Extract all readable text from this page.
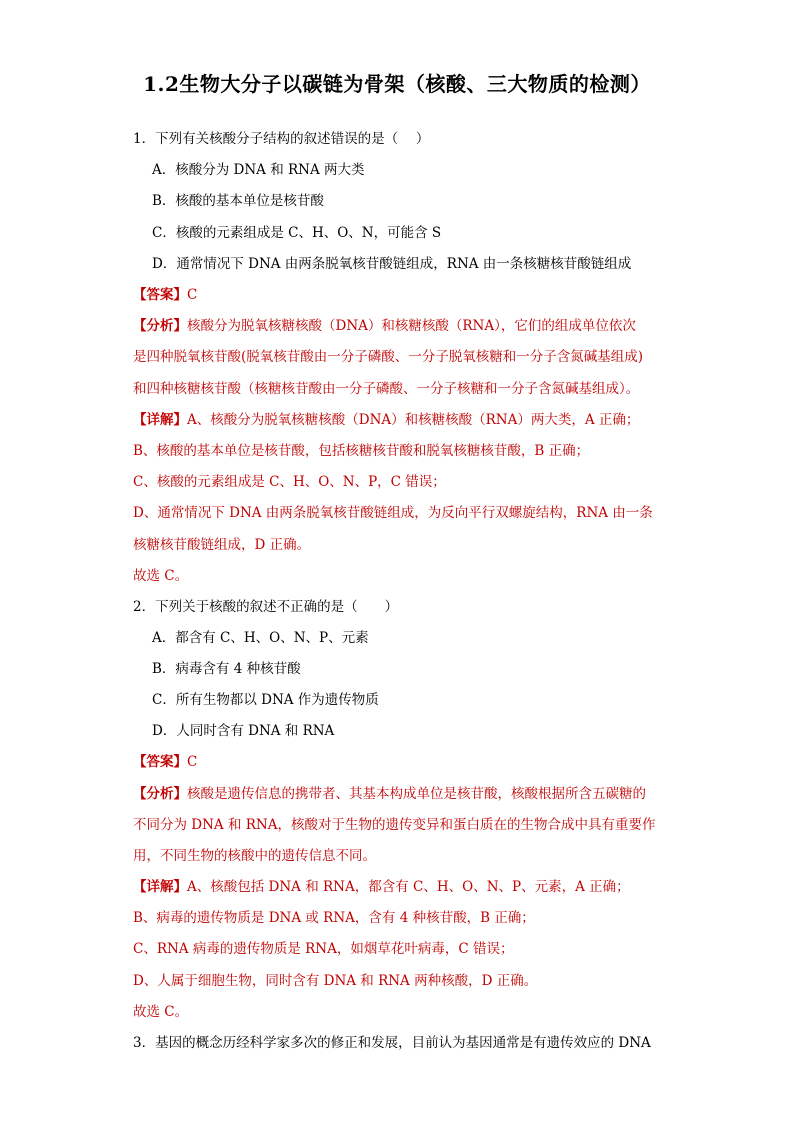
1.2生物大分子以碳链为骨架（核酸、三大物质的检测）
1．下列有关核酸分子结构的叙述错误的是（　 ）
A．核酸分为 DNA 和 RNA 两大类
B．核酸的基本单位是核苷酸
C．核酸的元素组成是 C、H、O、N，可能含 S
D．通常情况下 DNA 由两条脱氧核苷酸链组成，RNA 由一条核糖核苷酸链组成
【答案】C
【分析】核酸分为脱氧核糖核酸（DNA）和核糖核酸（RNA），它们的组成单位依次
是四种脱氧核苷酸(脱氧核苷酸由一分子磷酸、一分子脱氧核糖和一分子含氮碱基组成)
和四种核糖核苷酸（核糖核苷酸由一分子磷酸、一分子核糖和一分子含氮碱基组成）。
【详解】A、核酸分为脱氧核糖核酸（DNA）和核糖核酸（RNA）两大类，A 正确；
B、核酸的基本单位是核苷酸，包括核糖核苷酸和脱氧核糖核苷酸，B 正确；
C、核酸的元素组成是 C、H、O、N、P，C 错误；
D、通常情况下 DNA 由两条脱氧核苷酸链组成，为反向平行双螺旋结构，RNA 由一条
核糖核苷酸链组成，D 正确。
故选 C。
2．下列关于核酸的叙述不正确的是（　　）
A．都含有 C、H、O、N、P、元素
B．病毒含有 4 种核苷酸
C．所有生物都以 DNA 作为遗传物质
D．人同时含有 DNA 和 RNA
【答案】C
【分析】核酸是遗传信息的携带者、其基本构成单位是核苷酸，核酸根据所含五碳糖的
不同分为 DNA 和 RNA，核酸对于生物的遗传变异和蛋白质在的生物合成中具有重要作
用，不同生物的核酸中的遗传信息不同。
【详解】A、核酸包括 DNA 和 RNA，都含有 C、H、O、N、P、元素，A 正确；
B、病毒的遗传物质是 DNA 或 RNA，含有 4 种核苷酸，B 正确；
C、RNA 病毒的遗传物质是 RNA，如烟草花叶病毒，C 错误；
D、人属于细胞生物，同时含有 DNA 和 RNA 两种核酸，D 正确。
故选 C。
3．基因的概念历经科学家多次的修正和发展，目前认为基因通常是有遗传效应的 DNA
